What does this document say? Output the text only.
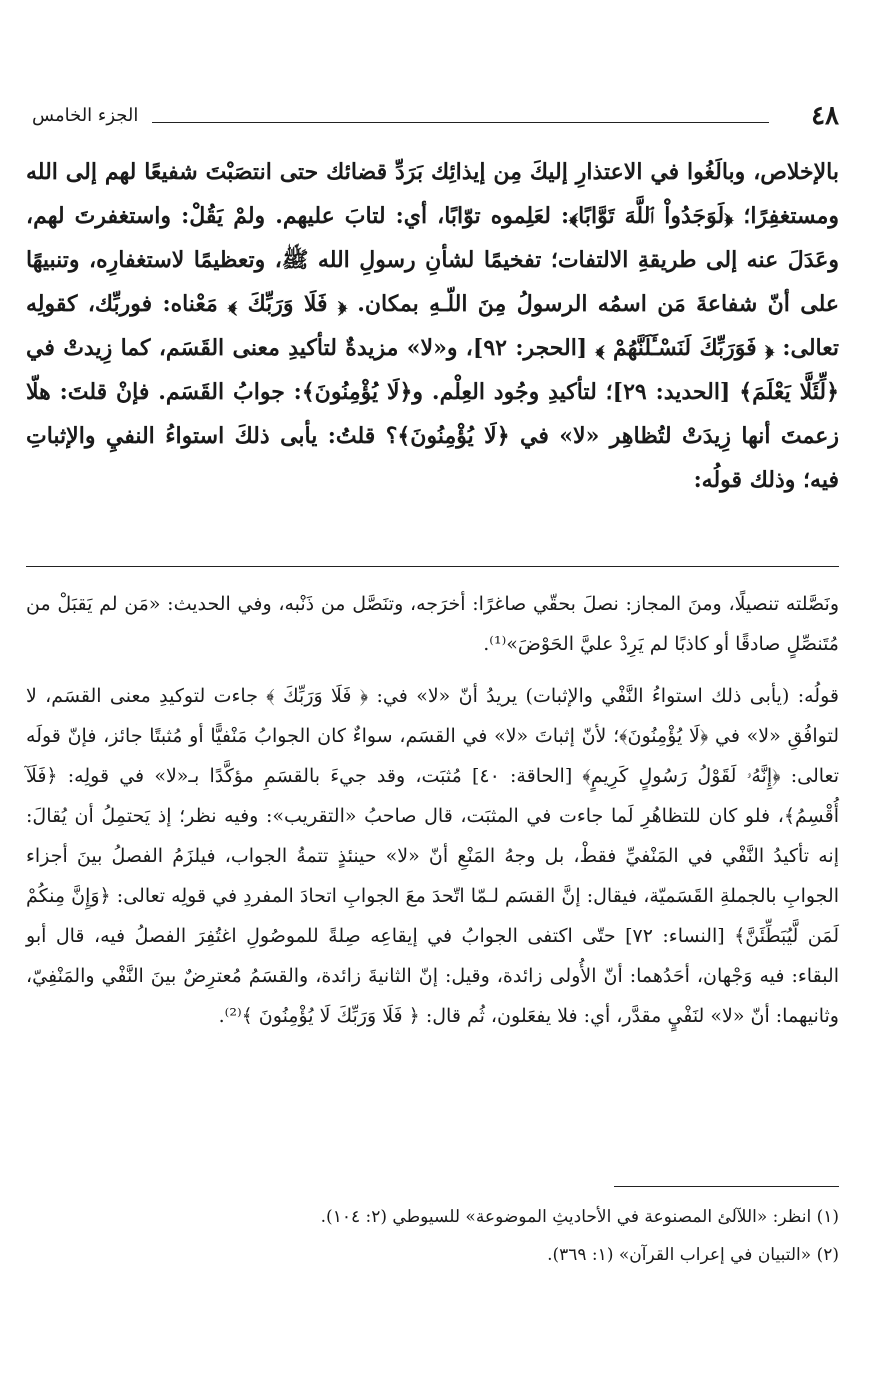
٤٨
الجزء الخامس

بالإخلاص، وبالَغُوا في الاعتذارِ إليكَ مِن إيذائِك بَرَدِّ قضائك حتى انتصَبْتَ شفيعًا لهم إلى الله ومستغفِرًا؛ ﴿لَوَجَدُواْ ٱللَّهَ تَوَّابًا﴾: لعَلِموه توّابًا، أي: لتابَ عليهم. ولمْ يَقُلْ: واستغفرتَ لهم، وعَدَلَ عنه إلى طريقةِ الالتفات؛ تفخيمًا لشأنِ رسولِ الله ﷺ، وتعظيمًا لاستغفارِه، وتنبيهًا على أنّ شفاعةَ مَن اسمُه الرسولُ مِنَ اللّـهِ بمكان. ﴿ فَلَا وَرَبِّكَ ﴾ مَعْناه: فوربِّك، كقولِه تعالى: ﴿ فَوَرَبِّكَ لَنَسْـَٔلَنَّهُمْ ﴾ [الحجر: ٩٢]، و«لا» مزيدةٌ لتأكيدِ معنى القَسَم، كما زِيدتْ في ﴿لِّئَلَّا يَعْلَمَ﴾ [الحديد: ٢٩]؛ لتأكيدِ وجُود العِلْم. و﴿لَا يُؤْمِنُونَ﴾: جوابُ القَسَم. فإنْ قلتَ: هلّا زعمتَ أنها زِيدَتْ لتُظاهِر «لا» في ﴿لَا يُؤْمِنُونَ﴾؟ قلتُ: يأبى ذلكَ استواءُ النفيِ والإثباتِ فيه؛ وذلك قولُه:

ونَصَّلته تنصيلًا، ومنَ المجاز: نصلَ بحقّي صاغرًا: أخرَجه، وتنَصَّل من ذَنْبه، وفي الحديث: «مَن لم يَقبَلْ من مُتَنصِّلٍ صادقًا أو كاذبًا لم يَرِدْ عليَّ الحَوْضَ»⁽¹⁾.

قولُه: (يأبى ذلك استواءُ النَّفْي والإثبات) يريدُ أنّ «لا» في: ﴿ فَلَا وَرَبِّكَ ﴾ جاءت لتوكيدِ معنى القسَم، لا لتوافُقِ «لا» في ﴿لَا يُؤْمِنُونَ﴾؛ لأنّ إثباتَ «لا» في القسَم، سواءٌ كان الجوابُ مَنْفيًّا أو مُثبتًا جائز، فإنّ قولَه تعالى: ﴿إِنَّهُۥ لَقَوْلُ رَسُولٍ كَرِيمٍ﴾ [الحاقة: ٤٠] مُثبَت، وقد جيءَ بالقسَمِ مؤكَّدًا بـ«لا» في قولِه: ﴿فَلَآ أُقْسِمُ﴾، فلو كان للتظاهُرِ لَما جاءت في المثبَت، قال صاحبُ «التقريب»: وفيه نظر؛ إذ يَحتمِلُ أن يُقالَ: إنه تأكيدُ النَّفْي في المَنْفيِّ فقطْ، بل وجهُ المَنْعِ أنّ «لا» حينئذٍ تتمةُ الجواب، فيلزَمُ الفصلُ بينَ أجزاء الجوابِ بالجملةِ القَسَميّة، فيقال: إنَّ القسَم لـمّا اتّحدَ معَ الجوابِ اتحادَ المفردِ في قولِه تعالى: ﴿وَإِنَّ مِنكُمْ لَمَن لَّيُبَطِّئَنَّ﴾ [النساء: ٧٢] حتّى اكتفى الجوابُ في إيقاعِه صِلةً للموصُولِ اغتُفِرَ الفصلُ فيه، قال أبو البقاء: فيه وَجْهان، أحَدُهما: أنّ الأُولى زائدة، وقيل: إنّ الثانيةَ زائدة، والقسَمُ مُعترِضٌ بينَ النَّفْي والمَنْفِيّ، وثانيهما: أنّ «لا» لنَفْيٍ مقدَّر، أي: فلا يفعَلون، ثُم قال: ﴿ فَلَا وَرَبِّكَ لَا يُؤْمِنُونَ ﴾⁽²⁾.

(١) انظر: «اللآلئ المصنوعة في الأحاديثِ الموضوعة» للسيوطي (٢: ١٠٤).

(٢) «التبيان في إعراب القرآن» (١: ٣٦٩).
